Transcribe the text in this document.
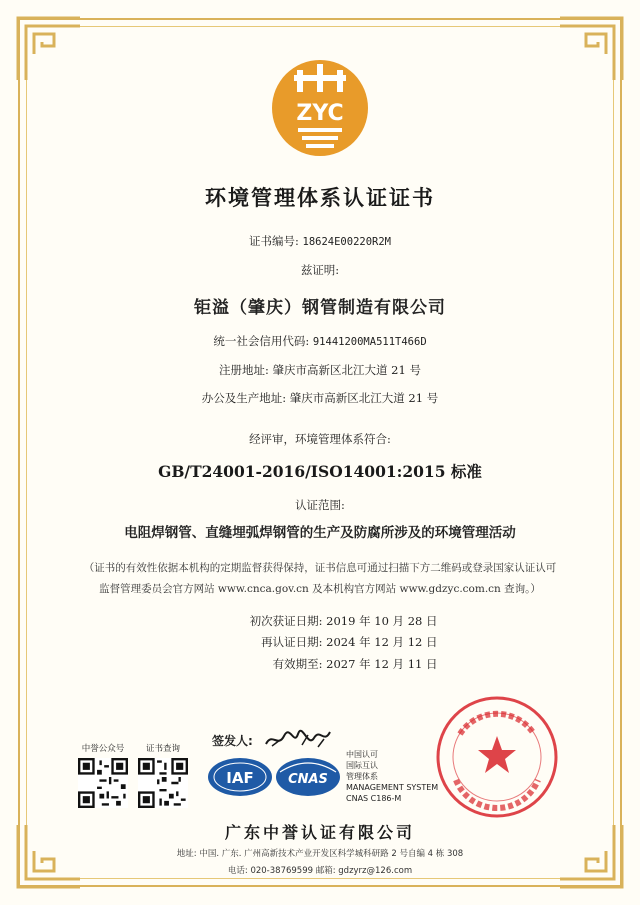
ZYC
环境管理体系认证证书
证书编号: 18624E00220R2M
兹证明:
钜溢（肇庆）钢管制造有限公司
统一社会信用代码: 91441200MA511T466D
注册地址: 肇庆市高新区北江大道 21 号
办公及生产地址: 肇庆市高新区北江大道 21 号
经评审，环境管理体系符合:
GB/T24001-2016/ISO14001:2015 标准
认证范围:
电阻焊钢管、直缝埋弧焊钢管的生产及防腐所涉及的环境管理活动
（证书的有效性依据本机构的定期监督获得保持，证书信息可通过扫描下方二维码或登录国家认证认可
监督管理委员会官方网站 www.cnca.gov.cn 及本机构官方网站 www.gdzyc.com.cn 查询。）
初次获证日期: 2019 年 10 月 28 日
再认证日期: 2024 年 12 月 12 日
有效期至: 2027 年 12 月 11 日
中誉公众号	证书查询
签发人:
IAF	CNAS
中国认可
国际互认
管理体系
MANAGEMENT SYSTEM
CNAS C186-M
广东中誉认证有限公司
地址: 中国. 广东. 广州高新技术产业开发区科学城科研路 2 号自编 4 栋 308
电话: 020-38769599 邮箱: gdzyrz@126.com
